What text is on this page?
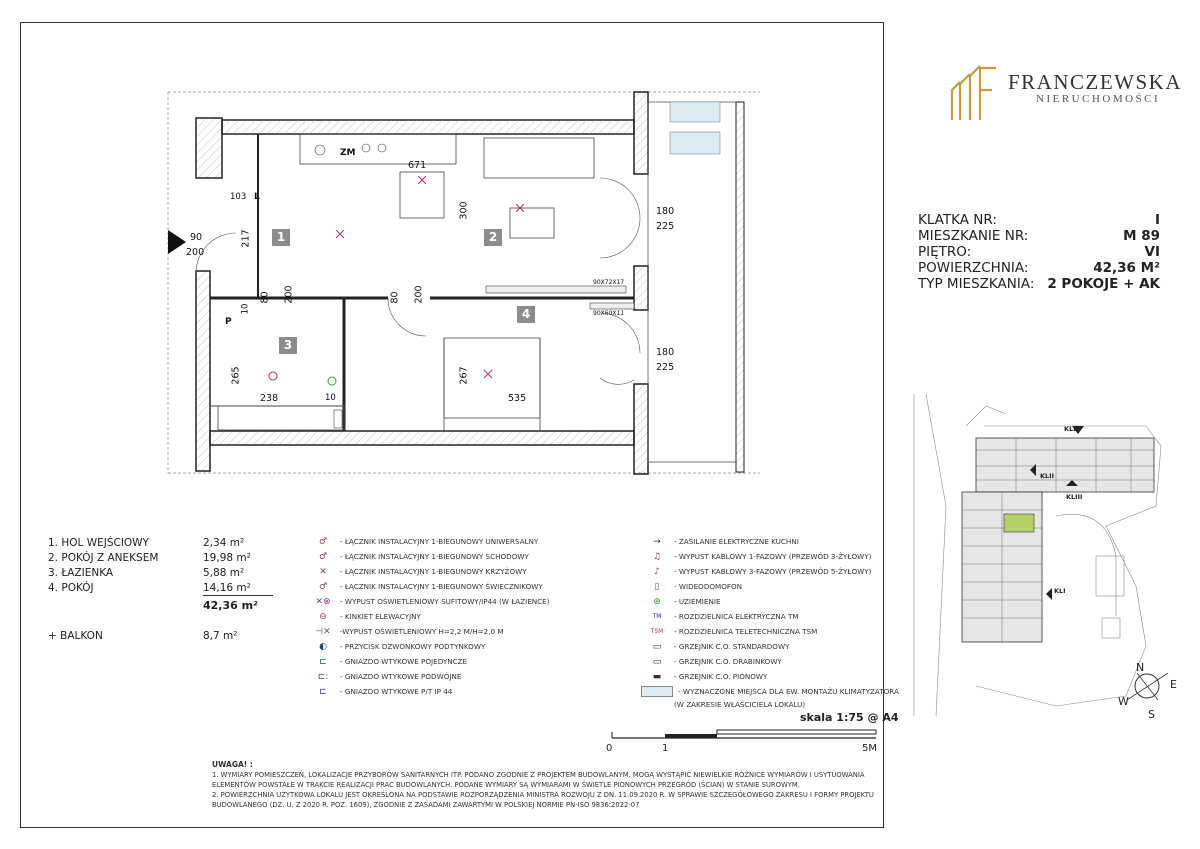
1	2
3
4
671
300	180
225
180
225
217
90
200
103
80 200	80 200
10
10
265
238
267
535
90X72X17
90X60X11
ZM
P
L
FRANCZEWSKA
NIERUCHOMOŚCI
KLATKA NR:	I
MIESZKANIE NR:	M 89
PIĘTRO:	VI
POWIERZCHNIA:	42,36 M²
TYP MIESZKANIA: 2 POKOJE + AK
KLBI
KLII
KLIII
KLI
N
E
S
W
1. HOL WEJŚCIOWY	2,34 m²
2. POKÓJ Z ANEKSEM	19,98 m²
3. ŁAZIENKA	5,88 m²
4. POKÓJ	14,16 m²
42,36 m²
+ BALKON	8,7 m²
♂	- ŁĄCZNIK INSTALACYJNY 1-BIEGUNOWY UNIWERSALNY
♂	- ŁĄCZNIK INSTALACYJNY 1-BIEGUNOWY SCHODOWY
✕	- ŁĄCZNIK INSTALACYJNY 1-BIEGUNOWY KRZYŻOWY
♂	- ŁĄCZNIK INSTALACYJNY 1-BIEGUNOWY ŚWIECZNIKOWY
✕⊗	- WYPUST OŚWIETLENIOWY SUFITOWY/IP44 (W ŁAZIENCE)
⊖	- KINKIET ELEWACYJNY
⊣✕	-WYPUST OŚWIETLENIOWY H=2,2 M/H=2,0 M
◐	- PRZYCISK DZWONKOWY PODTYNKOWY
⊏	- GNIAZDO WTYKOWE POJEDYNCZE
⊏:	- GNIAZDO WTYKOWE PODWÓJNE
⊏	- GNIAZDO WTYKOWE P/T IP 44
→	- ZASILANIE ELEKTRYCZNE KUCHNI
♫	- WYPUST KABLOWY 1-FAZOWY (PRZEWÓD 3-ŻYŁOWY)
♪	- WYPUST KABLOWY 3-FAZOWY (PRZEWÓD 5-ŻYŁOWY)
▯	- WIDEODOMOFON
⊕	- UZIEMIENIE
TM	- ROZDZIELNICA ELEKTRYCZNA TM
TSM	- ROZDZIELNICA TELETECHNICZNA TSM
▭	- GRZEJNIK C.O. STANDARDOWY
▭	- GRZEJNIK C.O. DRABINKOWY
▬	- GRZEJNIK C.O. PIONOWY
- WYZNACZONE MIEJSCA DLA EW. MONTAŻU KLIMATYZATORA
(W ZAKRESIE WŁAŚCICIELA LOKALU)
skala 1:75 @ A4
0	1	5M
UWAGA! :
1. WYMIARY POMIESZCZEŃ, LOKALIZACJE PRZYBORÓW SANITARNYCH ITP. PODANO ZGODNIE Z PROJEKTEM BUDOWLANYM. MOGĄ WYSTĄPIĆ NIEWIELKIE RÓŻNICE WYMIARÓW I USYTUOWANIA ELEMENTÓW POWSTAŁE W TRAKCIE REALIZACJI PRAC BUDOWLANYCH. PODANE WYMIARY SĄ WYMIARAMI W ŚWIETLE PIONOWYCH PRZEGRÓD (ŚCIAN) W STANIE SUROWYM.
2. POWIERZCHNIA UŻYTKOWA LOKALU JEST OKREŚLONA NA PODSTAWIE ROZPORZĄDZENIA MINISTRA ROZWOJU Z DN. 11.09.2020 R. W SPRAWIE SZCZEGÓŁOWEGO ZAKRESU I FORMY PROJEKTU BUDOWLANEGO (DZ. U. Z 2020 R. POZ. 1609), ZGODNIE Z ZASADAMI ZAWARTYMI W POLSKIEJ NORMIE PN-ISO 9836:2022-07
